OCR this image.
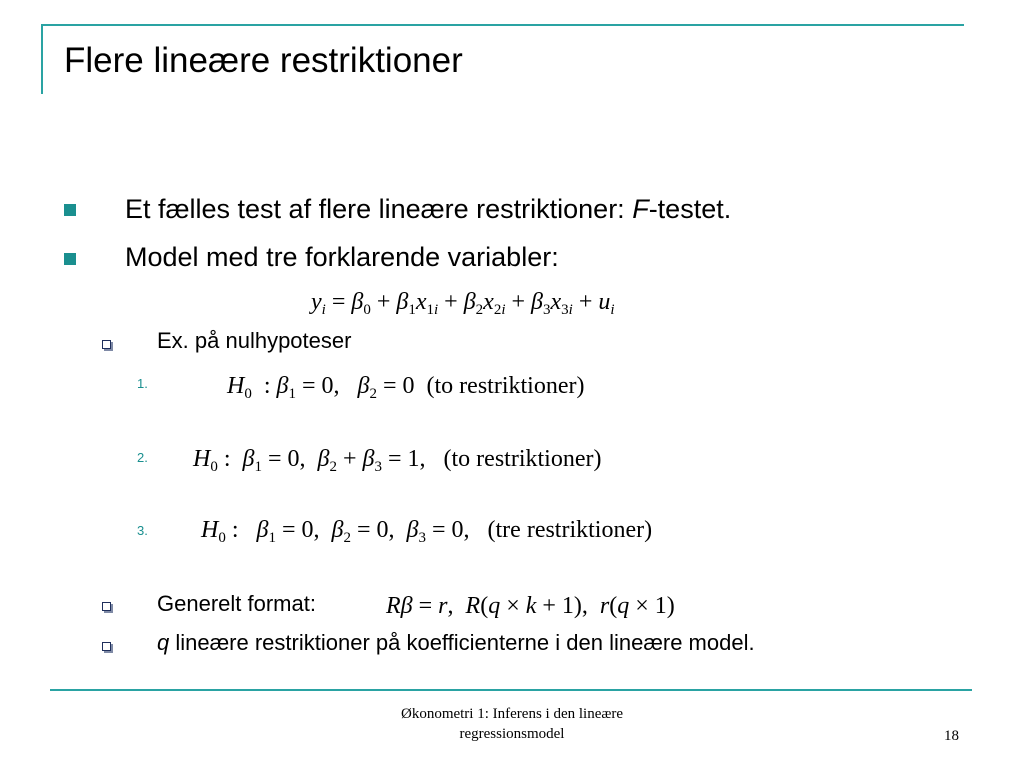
Flere lineære restriktioner
Et fælles test af flere lineære restriktioner: F-testet.
Model med tre forklarende variabler:
$y_i = \beta_0 + \beta_1x_{1i} + \beta_2x_{2i} + \beta_3x_{3i} + u_i$
Ex. på nulhypoteser
1.	$H_0$  : $\beta_1 = 0$,   $\beta_2 = 0$  (to restriktioner)
2. $H_0$ :  $\beta_1 = 0$,  $\beta_2 + \beta_3 = 1$,   (to restriktioner)
3. $H_0$ :   $\beta_1 = 0$,  $\beta_2 = 0$,  $\beta_3 = 0$,   (tre restriktioner)
Generelt format:	Rβ = r,  R(q × k + 1),  r(q × 1)
q lineære restriktioner på koefficienterne i den lineære model.
Økonometri 1: Inferens i den lineære
regressionsmodel	18
